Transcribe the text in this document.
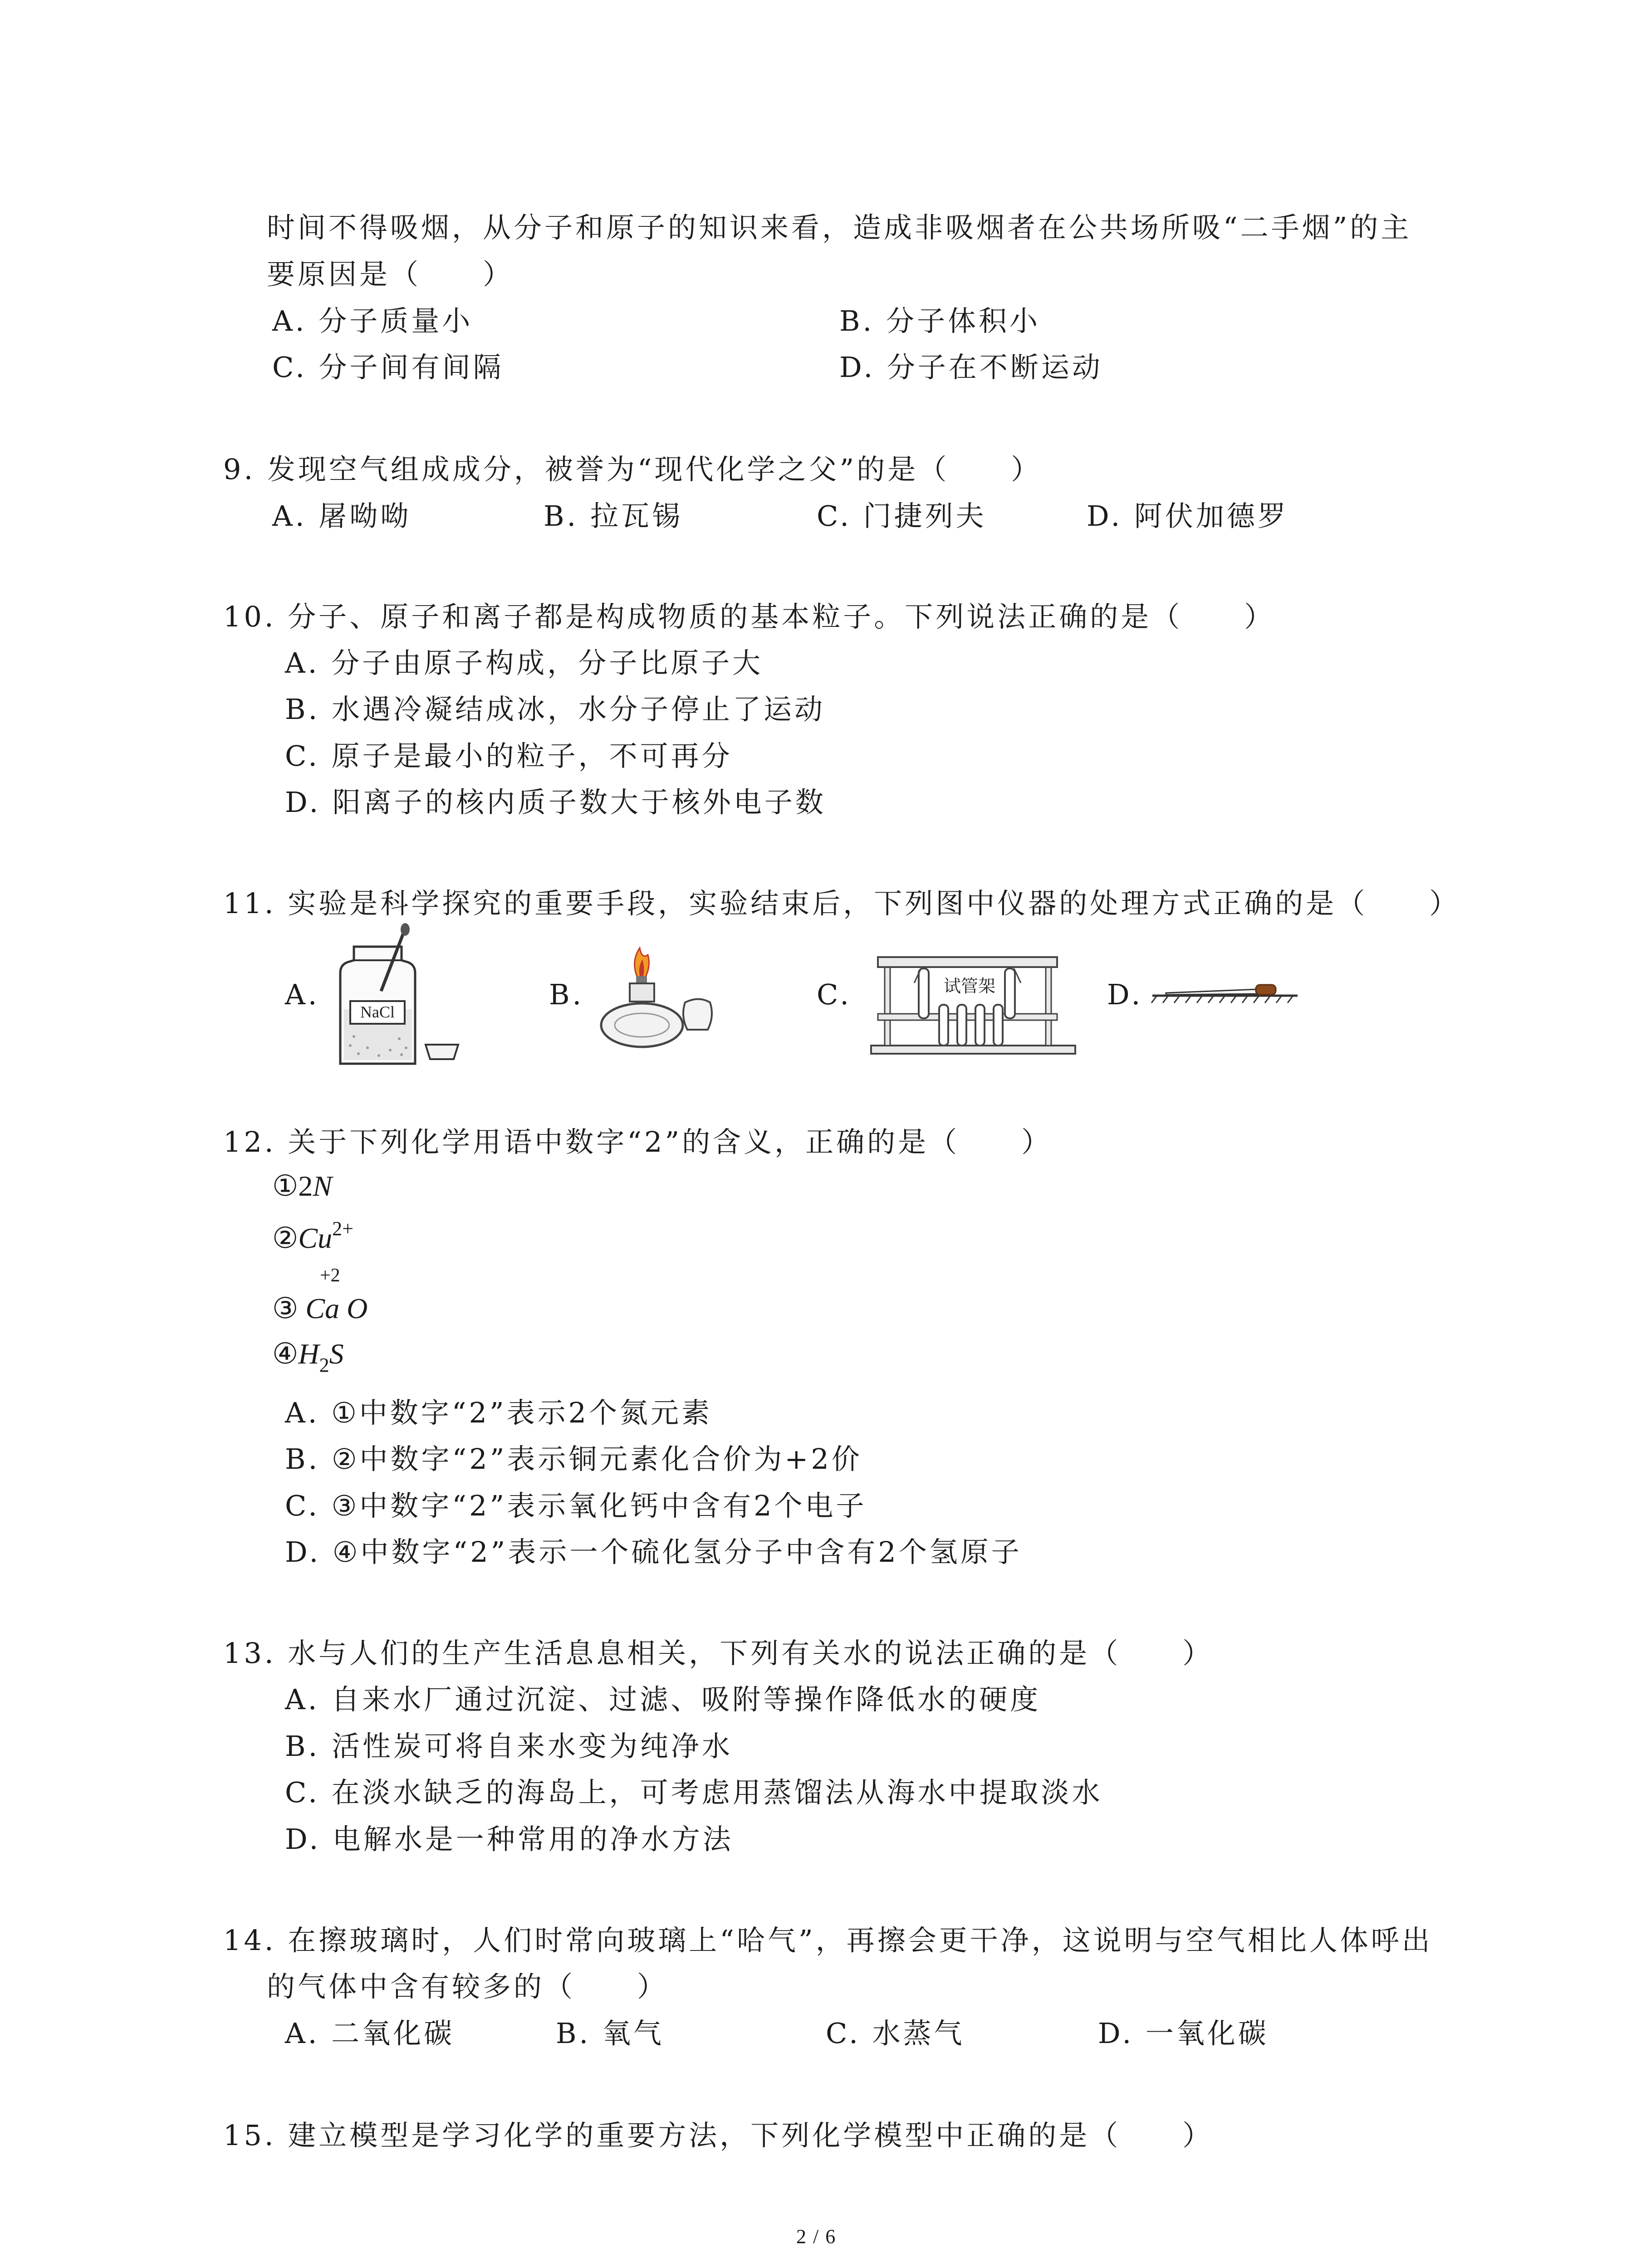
时间不得吸烟，从分子和原子的知识来看，造成非吸烟者在公共场所吸“二手烟”的主
要原因是（　　）
A. 分子质量小	B. 分子体积小
C. 分子间有间隔	D. 分子在不断运动
9. 发现空气组成成分，被誉为“现代化学之父”的是（　　）
A. 屠呦呦	B. 拉瓦锡	C. 门捷列夫	D. 阿伏加德罗
10. 分子、原子和离子都是构成物质的基本粒子。下列说法正确的是（　　）
A. 分子由原子构成，分子比原子大
B. 水遇冷凝结成冰，水分子停止了运动
C. 原子是最小的粒子，不可再分
D. 阳离子的核内质子数大于核外电子数
11. 实验是科学探究的重要手段，实验结束后，下列图中仪器的处理方式正确的是（　　）
A.
NaCl
B.	C.	试管架	D.
12. 关于下列化学用语中数字“2”的含义，正确的是（　　）
①2N
$②Cu^{2+}$
+2
③ Ca O
$④H_2S$
A. ①中数字“2”表示2个氮元素
B. ②中数字“2”表示铜元素化合价为+2价
C. ③中数字“2”表示氧化钙中含有2个电子
D. ④中数字“2”表示一个硫化氢分子中含有2个氢原子
13. 水与人们的生产生活息息相关，下列有关水的说法正确的是（　　）
A. 自来水厂通过沉淀、过滤、吸附等操作降低水的硬度
B. 活性炭可将自来水变为纯净水
C. 在淡水缺乏的海岛上，可考虑用蒸馏法从海水中提取淡水
D. 电解水是一种常用的净水方法
14. 在擦玻璃时，人们时常向玻璃上“哈气”，再擦会更干净，这说明与空气相比人体呼出
的气体中含有较多的（　　）
A. 二氧化碳	B. 氧气	C. 水蒸气	D. 一氧化碳
15. 建立模型是学习化学的重要方法，下列化学模型中正确的是（　　）
2 / 6
